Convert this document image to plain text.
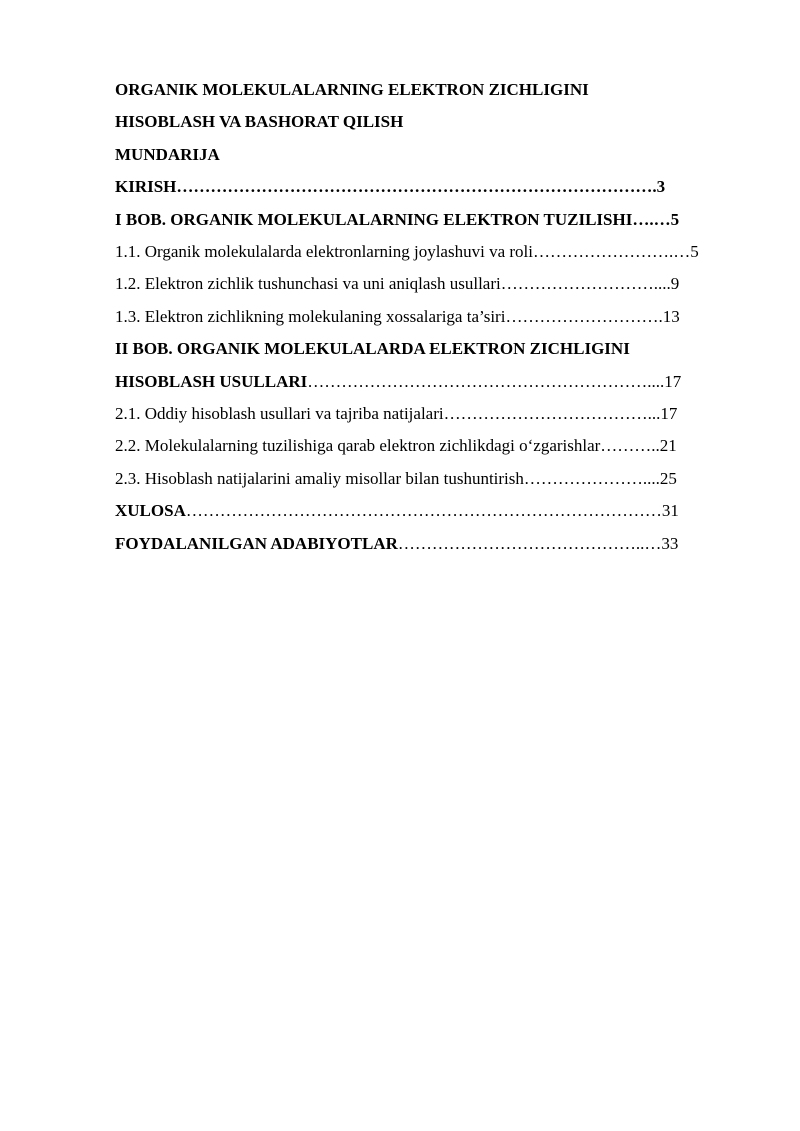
ORGANIK MOLEKULALARNING ELEKTRON ZICHLIGINI
HISOBLASH VA BASHORAT QILISH
MUNDARIJA
KIRISH………………………………………………………………………….3
I BOB. ORGANIK MOLEKULALARNING ELEKTRON TUZILISHI….…5
1.1. Organik molekulalarda elektronlarning joylashuvi va roli…………………….…5
1.2. Elektron zichlik tushunchasi va uni aniqlash usullari………………………....9
1.3. Elektron zichlikning molekulaning xossalariga ta’siri……………………….13
II BOB. ORGANIK MOLEKULALARDA ELEKTRON ZICHLIGINI
HISOBLASH USULLARI……………………………………………………....17
2.1. Oddiy hisoblash usullari va tajriba natijalari………………………………...17
2.2. Molekulalarning tuzilishiga qarab elektron zichlikdagi o‘zgarishlar………..21
2.3. Hisoblash natijalarini amaliy misollar bilan tushuntirish…………………....25
XULOSA…………………………………………………………………………31
FOYDALANILGAN ADABIYOTLAR……………………………………..…33
